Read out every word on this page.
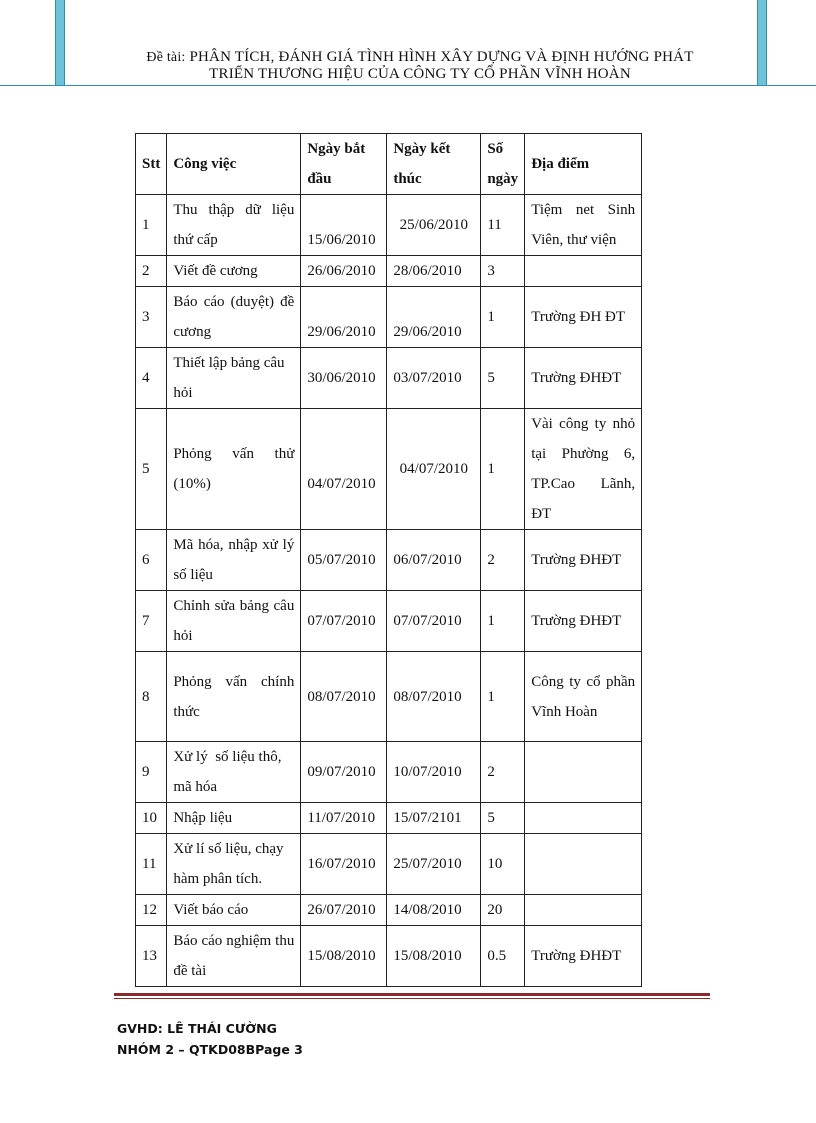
Đề tài: PHÂN TÍCH, ĐÁNH GIÁ TÌNH HÌNH XÂY DỰNG VÀ ĐỊNH HƯỚNG PHÁT
TRIỂN THƯƠNG HIỆU CỦA CÔNG TY CỔ PHẦN VĨNH HOÀN
Stt	Công việc	Ngày bắt đầu	Ngày kết thúc	Số ngày	Địa điểm
1	Thu thập dữ liệu thứ cấp	15/06/2010	25/06/2010	11	Tiệm net Sinh Viên, thư viện
2	Viết đề cương	26/06/2010	28/06/2010	3	
3	Báo cáo (duyệt) đề cương	29/06/2010	29/06/2010	1	Trường ĐH ĐT
4	Thiết lập bảng câu hỏi	30/06/2010	03/07/2010	5	Trường ĐHĐT
5	Phỏng vấn thử (10%)	04/07/2010	04/07/2010	1	Vài công ty nhỏ tại Phường 6, TP.Cao Lãnh, ĐT
6	Mã hóa, nhập xử lý số liệu	05/07/2010	06/07/2010	2	Trường ĐHĐT
7	Chỉnh sửa bảng câu hỏi	07/07/2010	07/07/2010	1	Trường ĐHĐT
8	Phỏng vấn chính thức	08/07/2010	08/07/2010	1	Công ty cổ phần Vĩnh Hoàn
9	Xử lý  số liệu thô, mã hóa	09/07/2010	10/07/2010	2	
10	Nhập liệu	11/07/2010	15/07/2101	5	
11	Xử lí số liệu, chạy hàm phân tích.	16/07/2010	25/07/2010	10	
12	Viết báo cáo	26/07/2010	14/08/2010	20	
13	Báo cáo nghiệm thu đề tài	15/08/2010	15/08/2010	0.5	Trường ĐHĐT
GVHD: LÊ THÁI CƯỜNG
NHÓM 2 – QTKD08BPage 3
